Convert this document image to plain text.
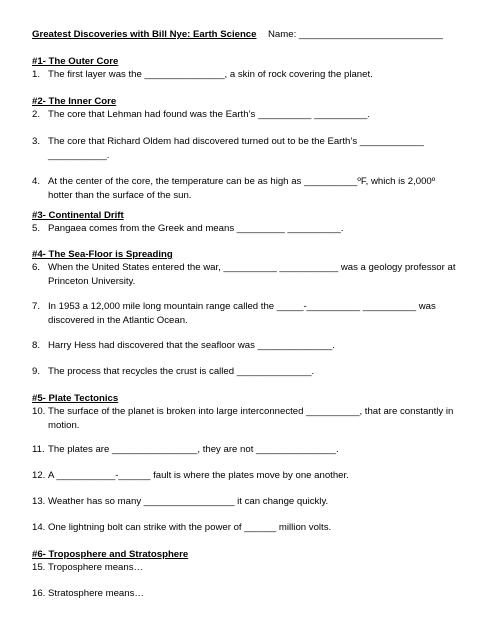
Greatest Discoveries with Bill Nye: Earth Science Name: ___________________________
#1- The Outer Core
1. The first layer was the _______________, a skin of rock covering the planet.
#2- The Inner Core
2. The core that Lehman had found was the Earth’s __________ __________.
3. The core that Richard Oldem had discovered turned out to be the Earth’s ____________
___________.
4. At the center of the core, the temperature can be as high as __________ºF, which is 2,000º
hotter than the surface of the sun.
#3- Continental Drift
5. Pangaea comes from the Greek and means _________ __________.
#4- The Sea-Floor is Spreading
6. When the United States entered the war, __________ ___________ was a geology professor at
Princeton University.
7. In 1953 a 12,000 mile long mountain range called the _____-__________ __________ was
discovered in the Atlantic Ocean.
8. Harry Hess had discovered that the seafloor was ______________.
9. The process that recycles the crust is called ______________.
#5- Plate Tectonics
10. The surface of the planet is broken into large interconnected __________, that are constantly in
motion.
11. The plates are ________________, they are not _______________.
12. A ___________-______ fault is where the plates move by one another.
13. Weather has so many _________________ it can change quickly.
14. One lightning bolt can strike with the power of ______ million volts.
#6- Troposphere and Stratosphere
15. Troposphere means…
16. Stratosphere means…
